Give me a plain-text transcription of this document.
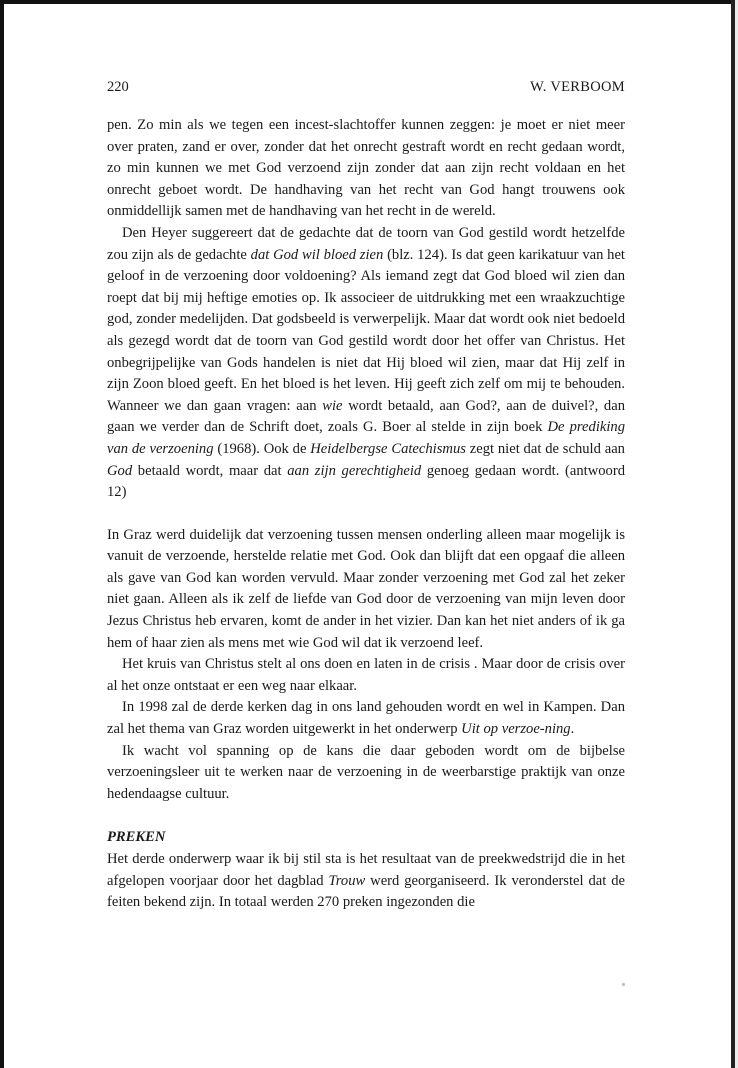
220	W. VERBOOM

pen. Zo min als we tegen een incest-slachtoffer kunnen zeggen: je moet er niet meer over praten, zand er over, zonder dat het onrecht gestraft wordt en recht gedaan wordt, zo min kunnen we met God verzoend zijn zonder dat aan zijn recht voldaan en het onrecht geboet wordt. De handhaving van het recht van God hangt trouwens ook onmiddellijk samen met de handhaving van het recht in de wereld.

Den Heyer suggereert dat de gedachte dat de toorn van God gestild wordt hetzelfde zou zijn als de gedachte dat God wil bloed zien (blz. 124). Is dat geen karikatuur van het geloof in de verzoening door voldoening? Als iemand zegt dat God bloed wil zien dan roept dat bij mij heftige emoties op. Ik associeer de uitdrukking met een wraakzuchtige god, zonder medelijden. Dat godsbeeld is verwerpelijk. Maar dat wordt ook niet bedoeld als gezegd wordt dat de toorn van God gestild wordt door het offer van Christus. Het onbegrijpelijke van Gods handelen is niet dat Hij bloed wil zien, maar dat Hij zelf in zijn Zoon bloed geeft. En het bloed is het leven. Hij geeft zich zelf om mij te behouden. Wanneer we dan gaan vragen: aan wie wordt betaald, aan God?, aan de duivel?, dan gaan we verder dan de Schrift doet, zoals G. Boer al stelde in zijn boek De prediking van de verzoening (1968). Ook de Heidelbergse Catechismus zegt niet dat de schuld aan God betaald wordt, maar dat aan zijn gerechtigheid genoeg gedaan wordt. (antwoord 12)

In Graz werd duidelijk dat verzoening tussen mensen onderling alleen maar mogelijk is vanuit de verzoende, herstelde relatie met God. Ook dan blijft dat een opgaaf die alleen als gave van God kan worden vervuld. Maar zonder verzoening met God zal het zeker niet gaan. Alleen als ik zelf de liefde van God door de verzoening van mijn leven door Jezus Christus heb ervaren, komt de ander in het vizier. Dan kan het niet anders of ik ga hem of haar zien als mens met wie God wil dat ik verzoend leef.

Het kruis van Christus stelt al ons doen en laten in de crisis . Maar door de crisis over al het onze ontstaat er een weg naar elkaar.

In 1998 zal de derde kerken dag in ons land gehouden wordt en wel in Kampen. Dan zal het thema van Graz worden uitgewerkt in het onderwerp Uit op verzoe-ning.

Ik wacht vol spanning op de kans die daar geboden wordt om de bijbelse verzoeningsleer uit te werken naar de verzoening in de weerbarstige praktijk van onze hedendaagse cultuur.

PREKEN

Het derde onderwerp waar ik bij stil sta is het resultaat van de preekwedstrijd die in het afgelopen voorjaar door het dagblad Trouw werd georganiseerd. Ik veronderstel dat de feiten bekend zijn. In totaal werden 270 preken ingezonden die
